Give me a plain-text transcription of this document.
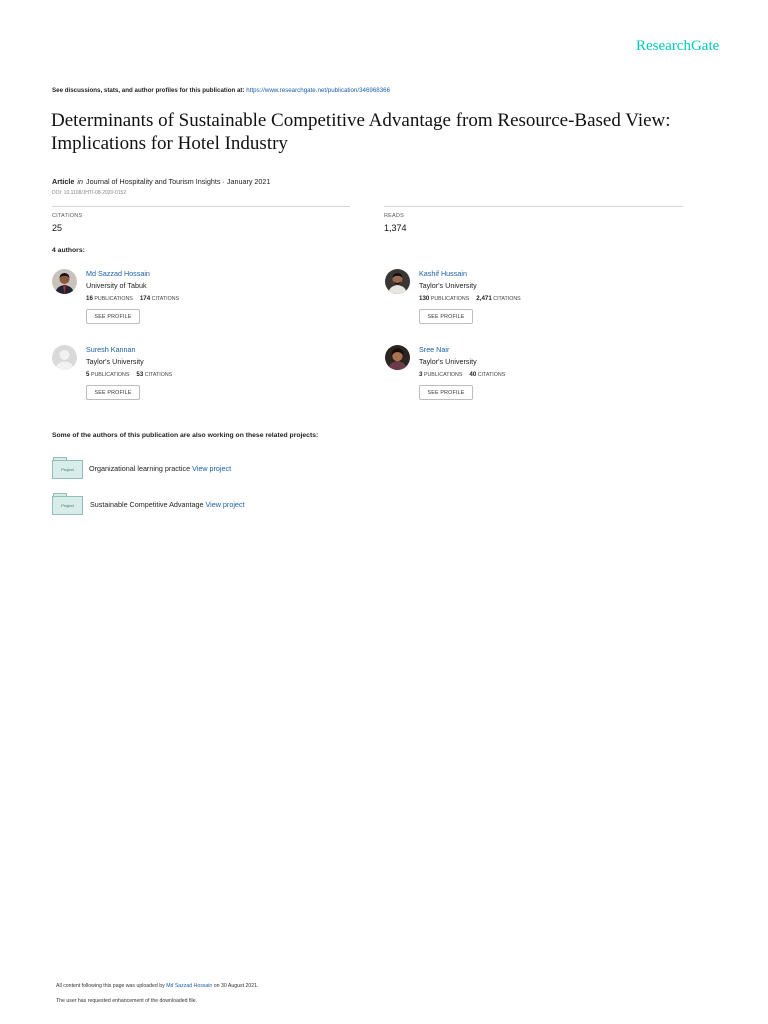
ResearchGate
See discussions, stats, and author profiles for this publication at: https://www.researchgate.net/publication/346968366
Determinants of Sustainable Competitive Advantage from Resource-Based View: Implications for Hotel Industry
Article in Journal of Hospitality and Tourism Insights · January 2021
DOI: 10.1108/JHTI-08-2020-0152
CITATIONS
25
READS
1,374
4 authors:
Md Sazzad Hossain
University of Tabuk
16 PUBLICATIONS 174 CITATIONS
SEE PROFILE
Kashif Hussain
Taylor's University
130 PUBLICATIONS 2,471 CITATIONS
SEE PROFILE
Suresh Kannan
Taylor's University
5 PUBLICATIONS 53 CITATIONS
SEE PROFILE
Sree Nair
Taylor's University
3 PUBLICATIONS 40 CITATIONS
SEE PROFILE
Some of the authors of this publication are also working on these related projects:
Project	Organizational learning practice View project
Project	Sustainable Competitive Advantage View project
All content following this page was uploaded by Md Sazzad Hossain on 30 August 2021.
The user has requested enhancement of the downloaded file.
